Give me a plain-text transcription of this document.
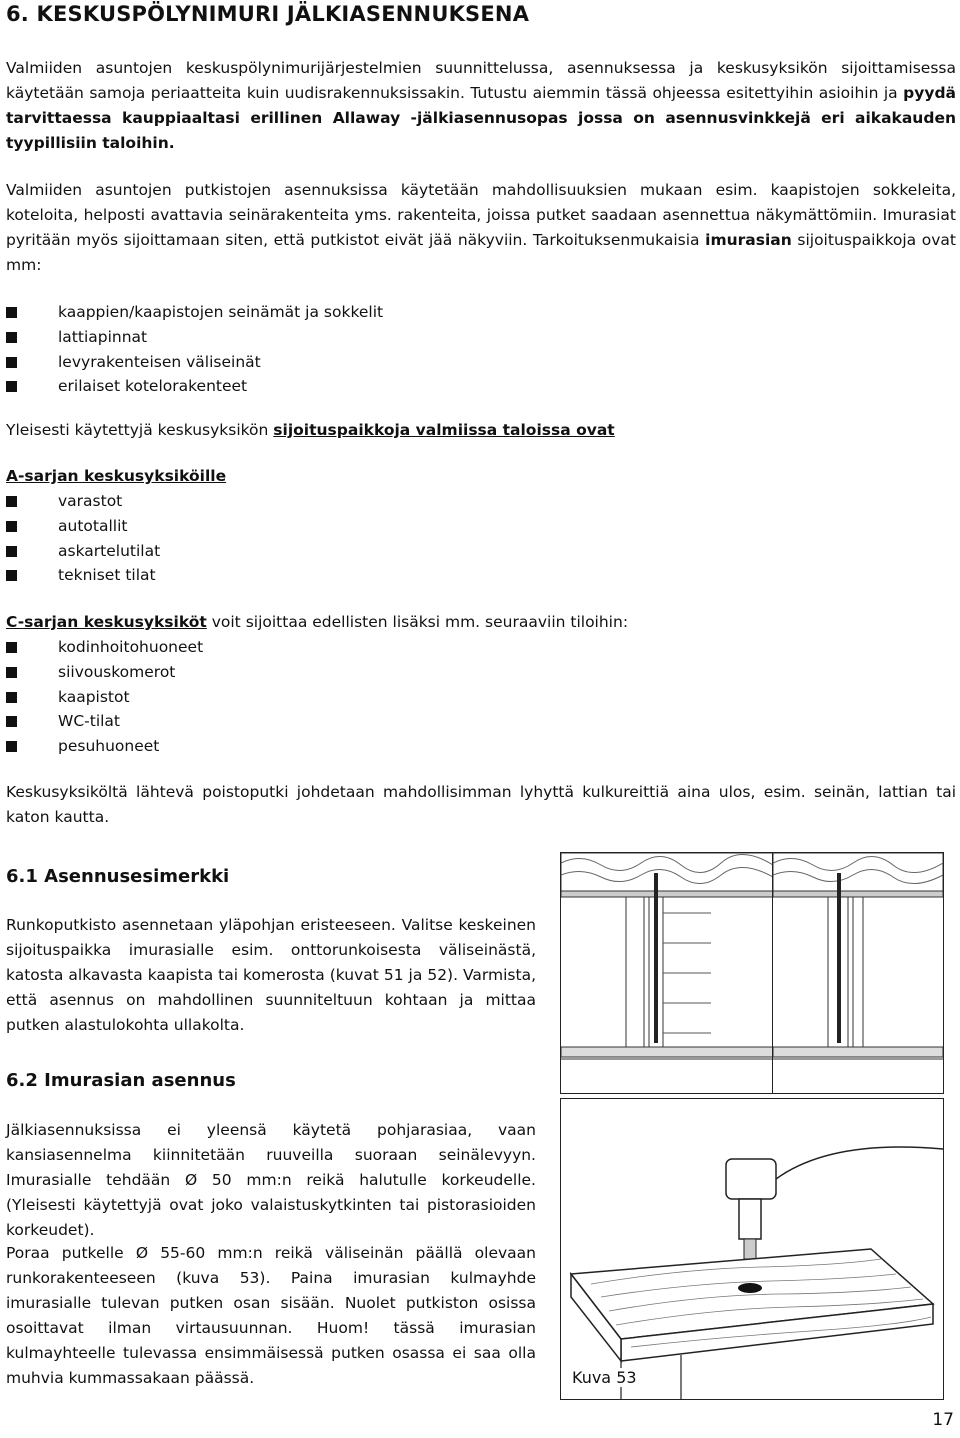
6. KESKUSPÖLYNIMURI JÄLKIASENNUKSENA

Valmiiden asuntojen keskuspölynimurijärjestelmien suunnittelussa, asennuksessa ja keskusyksikön sijoittamisessa käytetään samoja periaatteita kuin uudisrakennuksissakin. Tutustu aiemmin tässä ohjeessa esitettyihin asioihin ja pyydä tarvittaessa kauppiaaltasi erillinen Allaway -jälkiasennusopas jossa on asennusvinkkejä eri aikakauden tyypillisiin taloihin.

Valmiiden asuntojen putkistojen asennuksissa käytetään mahdollisuuksien mukaan esim. kaapistojen sokkeleita, koteloita, helposti avattavia seinärakenteita yms. rakenteita, joissa putket saadaan asennettua näkymättömiin. Imurasiat pyritään myös sijoittamaan siten, että putkistot eivät jää näkyviin. Tarkoituksenmukaisia imurasian sijoituspaikkoja ovat mm:

kaappien/kaapistojen seinämät ja sokkelit
lattiapinnat
levyrakenteisen väliseinät
erilaiset kotelorakenteet

Yleisesti käytettyjä keskusyksikön sijoituspaikkoja valmiissa taloissa ovat

A-sarjan keskusyksiköille

varastot
autotallit
askartelutilat
tekniset tilat

C-sarjan keskusyksiköt voit sijoittaa edellisten lisäksi mm. seuraaviin tiloihin:

kodinhoitohuoneet
siivouskomerot
kaapistot
WC-tilat
pesuhuoneet

Keskusyksiköltä lähtevä poistoputki johdetaan mahdollisimman lyhyttä kulkureittiä aina ulos, esim. seinän, lattian tai katon kautta.

6.1 Asennusesimerkki

Runkoputkisto asennetaan yläpohjan eristeeseen. Valitse keskeinen sijoituspaikka imurasialle esim. onttorunkoisesta väliseinästä, katosta alkavasta kaapista tai komerosta (kuvat 51 ja 52). Varmista, että asennus on mahdollinen suunniteltuun kohtaan ja mittaa putken alastulokohta ullakolta.

6.2 Imurasian asennus

Jälkiasennuksissa ei yleensä käytetä pohjarasiaa, vaan kansiasennelma kiinnitetään ruuveilla suoraan seinälevyyn. Imurasialle tehdään Ø 50 mm:n reikä halutulle korkeudelle. (Yleisesti käytettyjä ovat joko valaistuskytkinten tai pistorasioiden korkeudet).

Poraa putkelle Ø 55-60 mm:n reikä väliseinän päällä olevaan runkorakenteeseen (kuva 53). Paina imurasian kulmayhde imurasialle tulevan putken osan sisään. Nuolet putkiston osissa osoittavat ilman virtausuunnan. Huom! tässä imurasian kulmayhteelle tulevassa ensimmäisessä putken osassa ei saa olla muhvia kummassakaan päässä.	Kuva 53
17
